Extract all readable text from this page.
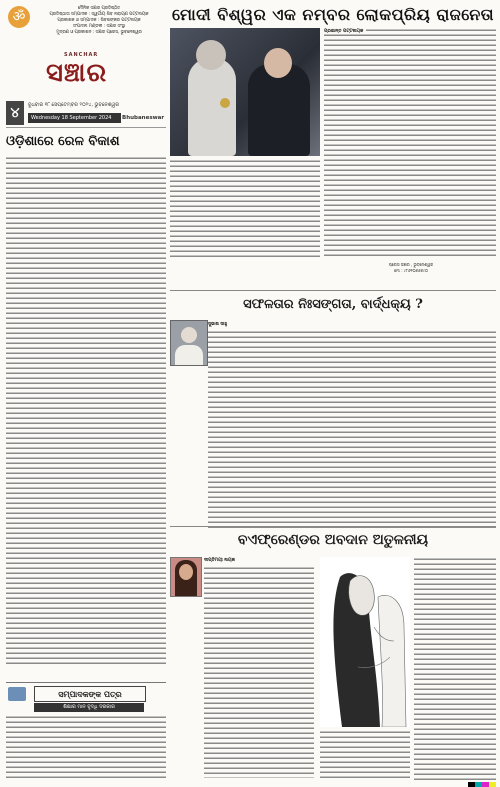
ॐ
ଦୈନିକ ସଞ୍ଚାର ପ୍ରତିଷ୍ଠିତ
ପ୍ରତିଷ୍ଠାତା ସମ୍ପାଦକ : ସ୍ୱର୍ଗୀୟ ଶିବ ନାରାୟଣ ପଟ୍ଟନାୟକ
ପ୍ରକାଶକ ଓ ସମ୍ପାଦକ : ଶିବଶଙ୍କର ପଟ୍ଟନାୟକ
ସଂପାଦନା ମଣ୍ଡଳୀ : ସଞ୍ଚାର ସଂସ୍ଥା
ମୁଦ୍ରଣ ଓ ପ୍ରକାଶନ : ସଞ୍ଚାର ପ୍ରେସ, ଭୁବନେଶ୍ୱର
SANCHAR
ସଞ୍ଚାର
୪	ବୁଧବାର ୧୮ ସେପ୍ଟେମ୍ବର ୨୦୨୪, ଭୁବନେଶ୍ୱର
Wednesday 18 September 2024	Bhubaneswar
ଓଡ଼ିଶାରେ ରେଳ ବିକାଶ
ସମ୍ପାଦକଙ୍କ ପତ୍ର
ଶିକ୍ଷାର ମାନ ବୃଦ୍ଧି ଦରକାର
ମୋଦୀ ବିଶ୍ୱର ଏକ ନମ୍ବର ଲୋକପ୍ରିୟ ରାଜନେତା
ପ୍ରଶାନ୍ତ ପଟ୍ଟନାୟକ
ପ୍ରେସ ସଞ୍ଚାର , ଭୁବନେଶ୍ୱର
ମୋ : ୯୮୬୧୦୬୬୬୯୦
ସଫଳତାର ନିଃସଙ୍ଗତା, ବାର୍ଦ୍ଧକ୍ୟ ?
ସୁଭାଷ ସାହୁ
ବଏଫ୍ରେଣ୍ଡର ଅବଦାନ ଅତୁଳନୀୟ
ଦୀପ୍ତିମୟୀ ନାୟକ
